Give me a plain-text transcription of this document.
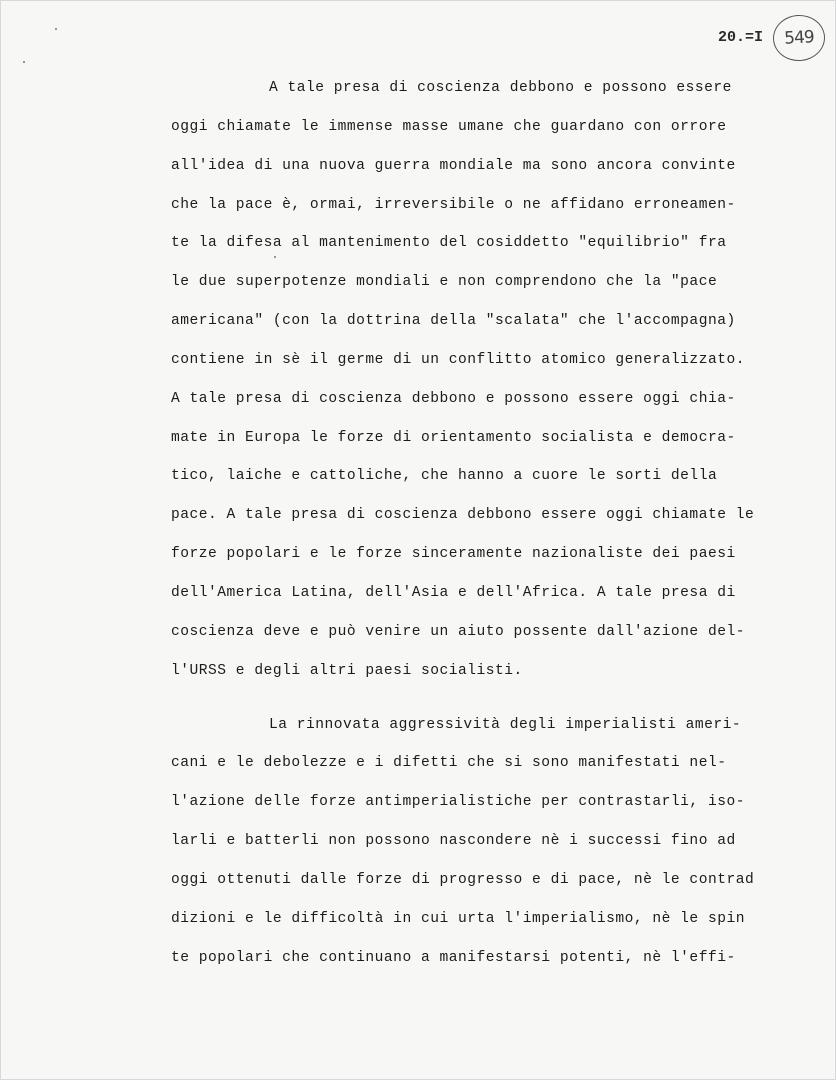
20.=I	549
A tale presa di coscienza debbono e possono essere
oggi chiamate le immense masse umane che guardano con orrore
all'idea di una nuova guerra mondiale ma sono ancora convinte
che la pace è, ormai, irreversibile o ne affidano erroneamen-
te la difesa al mantenimento del cosiddetto "equilibrio" fra
le due superpotenze mondiali e non comprendono che la "pace
americana" (con la dottrina della "scalata" che l'accompagna)
contiene in sè il germe di un conflitto atomico generalizzato.
A tale presa di coscienza debbono e possono essere oggi chia-
mate in Europa le forze di orientamento socialista e democra-
tico, laiche e cattoliche, che hanno a cuore le sorti della
pace. A tale presa di coscienza debbono essere oggi chiamate le
forze popolari e le forze sinceramente nazionaliste dei paesi
dell'America Latina, dell'Asia e dell'Africa. A tale presa di
coscienza deve e può venire un aiuto possente dall'azione del-
l'URSS e degli altri paesi socialisti.
La rinnovata aggressività degli imperialisti ameri-
cani e le debolezze e i difetti che si sono manifestati nel-
l'azione delle forze antimperialistiche per contrastarli, iso-
larli e batterli non possono nascondere nè i successi fino ad
oggi ottenuti dalle forze di progresso e di pace, nè le contrad
dizioni e le difficoltà in cui urta l'imperialismo, nè le spin
te popolari che continuano a manifestarsi potenti, nè l'effi-
